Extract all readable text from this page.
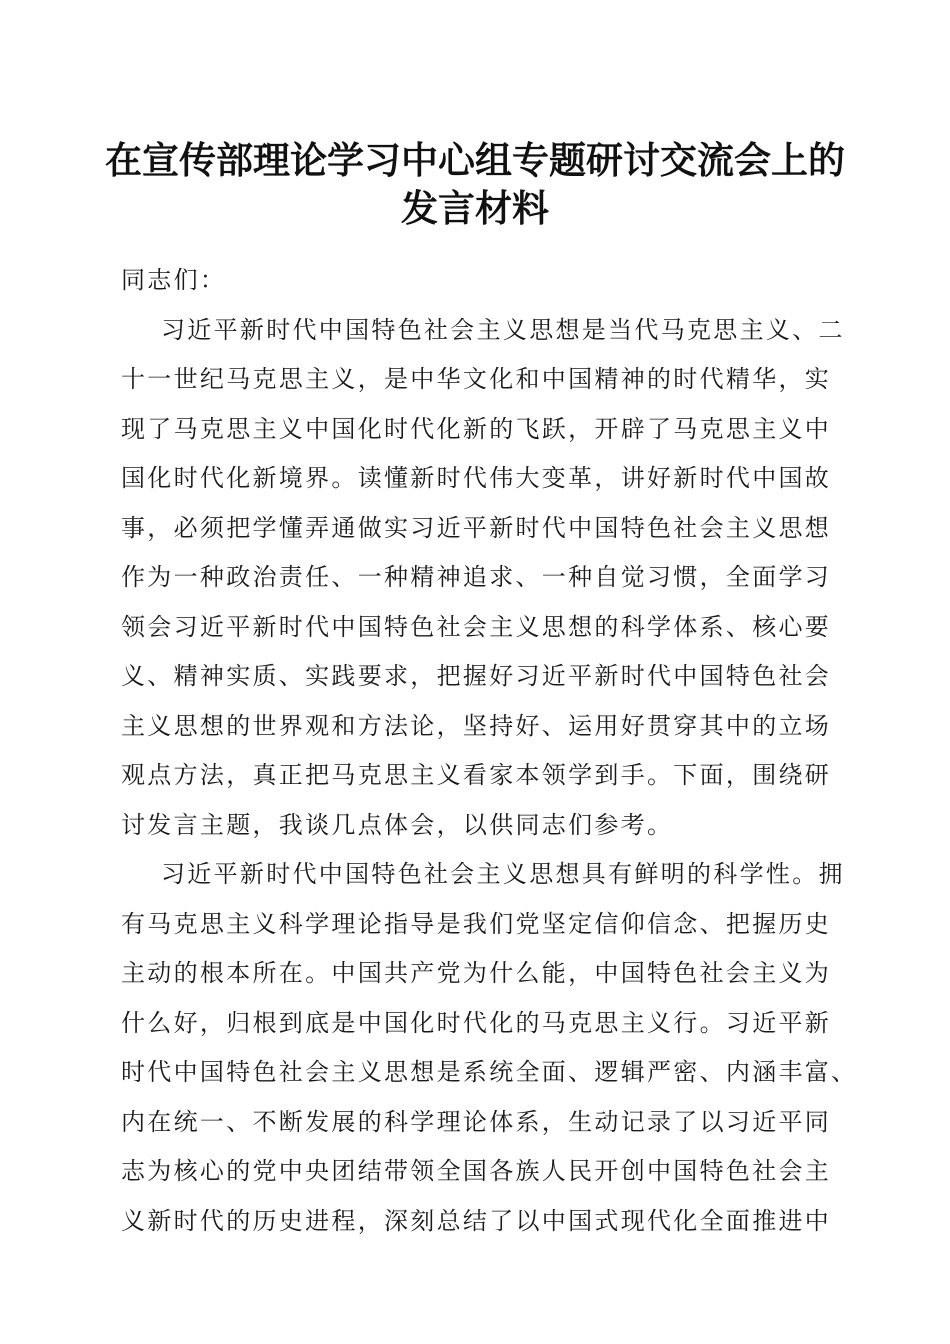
在宣传部理论学习中心组专题研讨交流会上的
发言材料
同志们：
习近平新时代中国特色社会主义思想是当代马克思主义、二
十一世纪马克思主义，是中华文化和中国精神的时代精华，实
现了马克思主义中国化时代化新的飞跃，开辟了马克思主义中
国化时代化新境界。读懂新时代伟大变革，讲好新时代中国故
事，必须把学懂弄通做实习近平新时代中国特色社会主义思想
作为一种政治责任、一种精神追求、一种自觉习惯，全面学习
领会习近平新时代中国特色社会主义思想的科学体系、核心要
义、精神实质、实践要求，把握好习近平新时代中国特色社会
主义思想的世界观和方法论，坚持好、运用好贯穿其中的立场
观点方法，真正把马克思主义看家本领学到手。下面，围绕研
讨发言主题，我谈几点体会，以供同志们参考。
习近平新时代中国特色社会主义思想具有鲜明的科学性。拥
有马克思主义科学理论指导是我们党坚定信仰信念、把握历史
主动的根本所在。中国共产党为什么能，中国特色社会主义为
什么好，归根到底是中国化时代化的马克思主义行。习近平新
时代中国特色社会主义思想是系统全面、逻辑严密、内涵丰富、
内在统一、不断发展的科学理论体系，生动记录了以习近平同
志为核心的党中央团结带领全国各族人民开创中国特色社会主
义新时代的历史进程，深刻总结了以中国式现代化全面推进中
